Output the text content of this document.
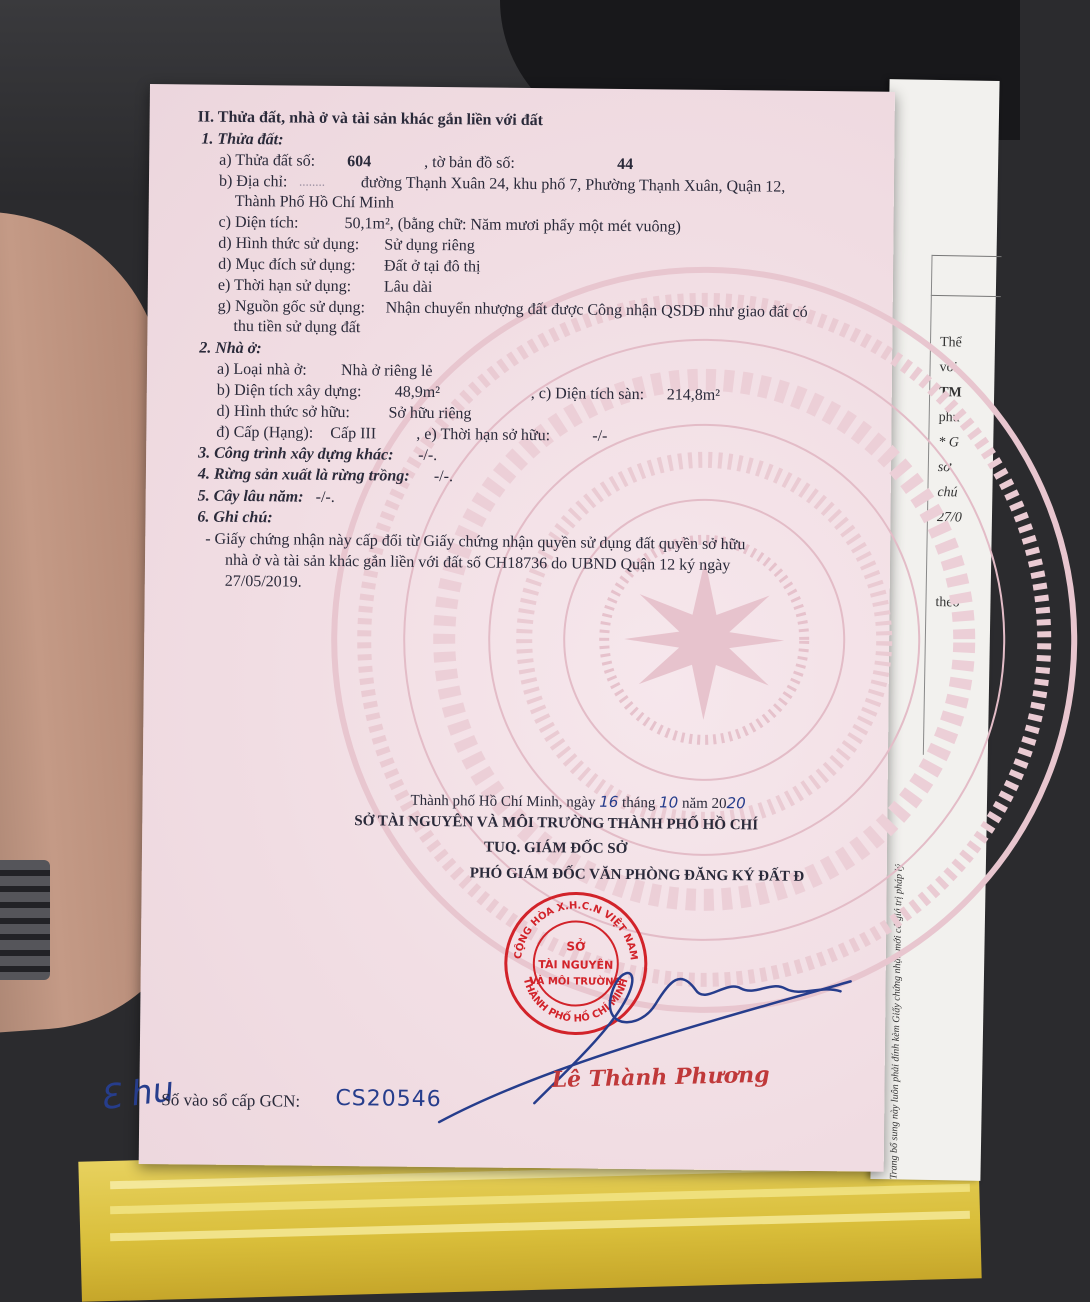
Thể
với
TM
phu
* G
sơ
chú
27/0
theo
Trang bổ sung này luôn phải đính kèm Giấy chứng nhận mới có giá trị pháp lý
II. Thửa đất, nhà ở và tài sản khác gắn liền với đất
1. Thửa đất:
a) Thửa đất số: 604	, tờ bản đồ số:	44
b) Địa chỉ: ........ đường Thạnh Xuân 24, khu phố 7, Phường Thạnh Xuân, Quận 12,
Thành Phố Hồ Chí Minh
c) Diện tích:	50,1m², (bằng chữ: Năm mươi phẩy một mét vuông)
d) Hình thức sử dụng: Sử dụng riêng
d) Mục đích sử dụng: Đất ở tại đô thị
e) Thời hạn sử dụng: Lâu dài
g) Nguồn gốc sử dụng: Nhận chuyển nhượng đất được Công nhận QSDĐ như giao đất có
thu tiền sử dụng đất
2. Nhà ở:
a) Loại nhà ở: Nhà ở riêng lẻ
b) Diện tích xây dựng: 48,9m²	, c) Diện tích sàn: 214,8m²
d) Hình thức sở hữu: Sở hữu riêng
đ) Cấp (Hạng): Cấp III	, e) Thời hạn sở hữu:	-/-
3. Công trình xây dựng khác: -/-.
4. Rừng sản xuất là rừng trồng: -/-.
5. Cây lâu năm: -/-.
6. Ghi chú:
- Giấy chứng nhận này cấp đổi từ Giấy chứng nhận quyền sử dụng đất quyền sở hữu
nhà ở và tài sản khác gắn liền với đất số CH18736 do UBND Quận 12 ký ngày
27/05/2019.
Thành phố Hồ Chí Minh, ngày 16 tháng 10 năm 2020
SỞ TÀI NGUYÊN VÀ MÔI TRƯỜNG THÀNH PHỐ HỒ CHÍ
TUQ. GIÁM ĐỐC SỞ
PHÓ GIÁM ĐỐC VĂN PHÒNG ĐĂNG KÝ ĐẤT Đ
CỘNG HÒA X.H.C.N VIỆT NAM
THÀNH PHỐ HỒ CHÍ MINH
SỞ
TÀI NGUYÊN
VÀ MÔI TRƯỜNG
Lê Thành Phương
Ɛ hu
Số vào sổ cấp GCN: CS20546
